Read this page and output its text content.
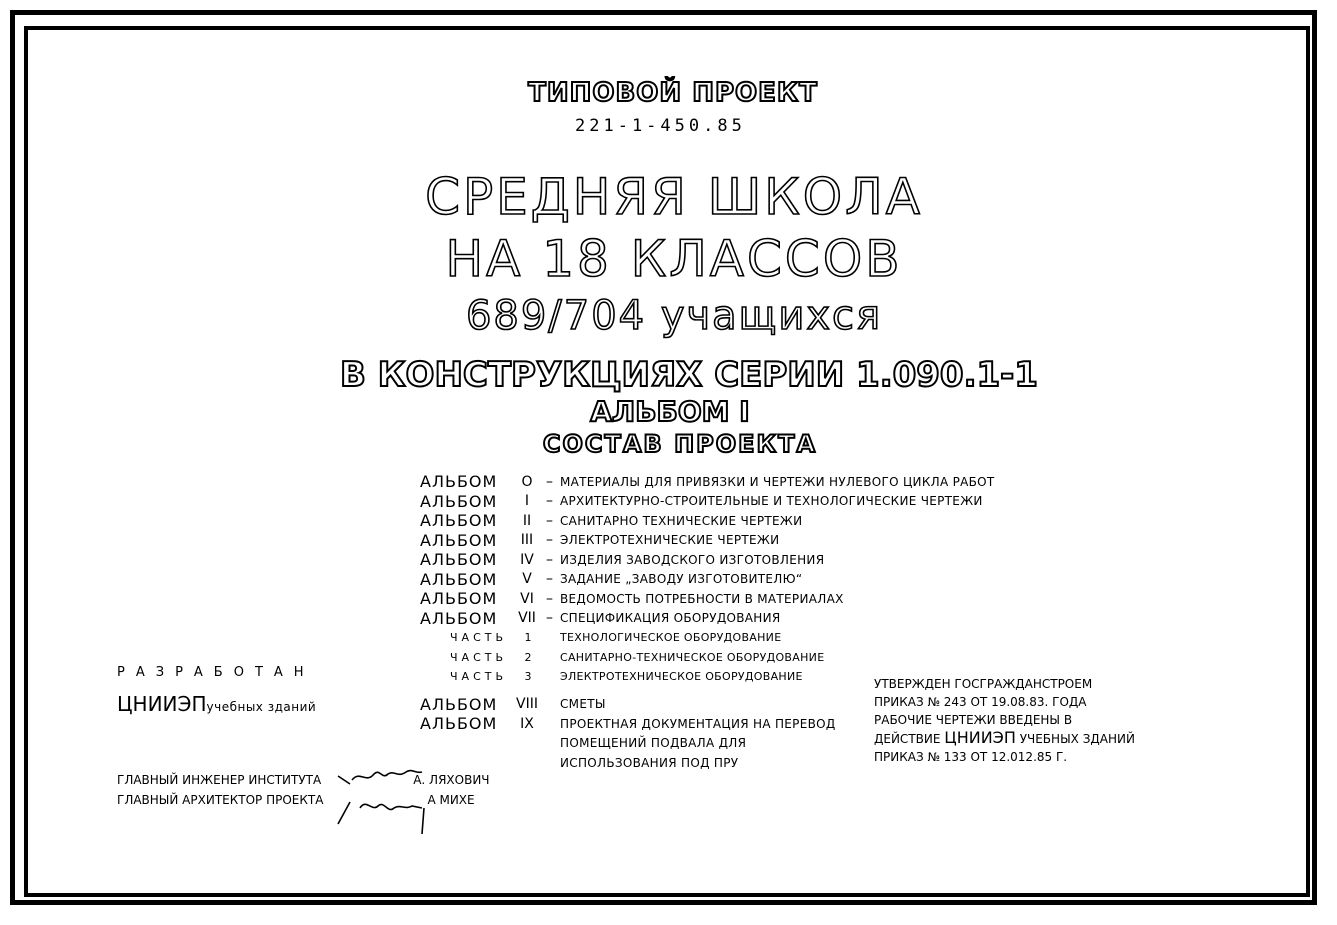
ТИПОВОЙ ПРОЕКТ
221-1-450.85
СРЕДНЯЯ ШКОЛА
НА 18 КЛАССОВ
689/704 учащихся
В КОНСТРУКЦИЯХ СЕРИИ 1.090.1-1
АЛЬБОМ I
СОСТАВ ПРОЕКТА
АЛЬБОМ	O – МАТЕРИАЛЫ ДЛЯ ПРИВЯЗКИ И ЧЕРТЕЖИ НУЛЕВОГО ЦИКЛА РАБОТ
АЛЬБОМ	I	– АРХИТЕКТУРНО-СТРОИТЕЛЬНЫЕ И ТЕХНОЛОГИЧЕСКИЕ ЧЕРТЕЖИ
АЛЬБОМ	II	– САНИТАРНО ТЕХНИЧЕСКИЕ ЧЕРТЕЖИ
АЛЬБОМ	III – ЭЛЕКТРОТЕХНИЧЕСКИЕ ЧЕРТЕЖИ
АЛЬБОМ	IV – ИЗДЕЛИЯ ЗАВОДСКОГО ИЗГОТОВЛЕНИЯ
АЛЬБОМ	V	– ЗАДАНИЕ „ЗАВОДУ ИЗГОТОВИТЕЛЮ“
АЛЬБОМ	VI – ВЕДОМОСТЬ ПОТРЕБНОСТИ В МАТЕРИАЛАХ
АЛЬБОМ	VII – СПЕЦИФИКАЦИЯ ОБОРУДОВАНИЯ
ЧАСТЬ	1	ТЕХНОЛОГИЧЕСКОЕ ОБОРУДОВАНИЕ
ЧАСТЬ	2	САНИТАРНО-ТЕХНИЧЕСКОЕ ОБОРУДОВАНИЕ
ЧАСТЬ	3	ЭЛЕКТРОТЕХНИЧЕСКОЕ ОБОРУДОВАНИЕ
АЛЬБОМ	VIII	СМЕТЫ
АЛЬБОМ	IX	ПРОЕКТНАЯ ДОКУМЕНТАЦИЯ НА ПЕРЕВОД
ПОМЕЩЕНИЙ ПОДВАЛА ДЛЯ
ИСПОЛЬЗОВАНИЯ ПОД ПРУ
РАЗРАБОТАН
ЦНИИЭПучебных зданий
ГЛАВНЫЙ ИНЖЕНЕР ИНСТИТУТА	А. ЛЯХОВИЧ
ГЛАВНЫЙ АРХИТЕКТОР ПРОЕКТА	А МИХЕ
УТВЕРЖДЕН ГОСГРАЖДАНСТРОЕМ
ПРИКАЗ № 243 ОТ 19.08.83. ГОДА
РАБОЧИЕ ЧЕРТЕЖИ ВВЕДЕНЫ В
ДЕЙСТВИЕ ЦНИИЭП УЧЕБНЫХ ЗДАНИЙ
ПРИКАЗ № 133 ОТ 12.012.85 Г.
